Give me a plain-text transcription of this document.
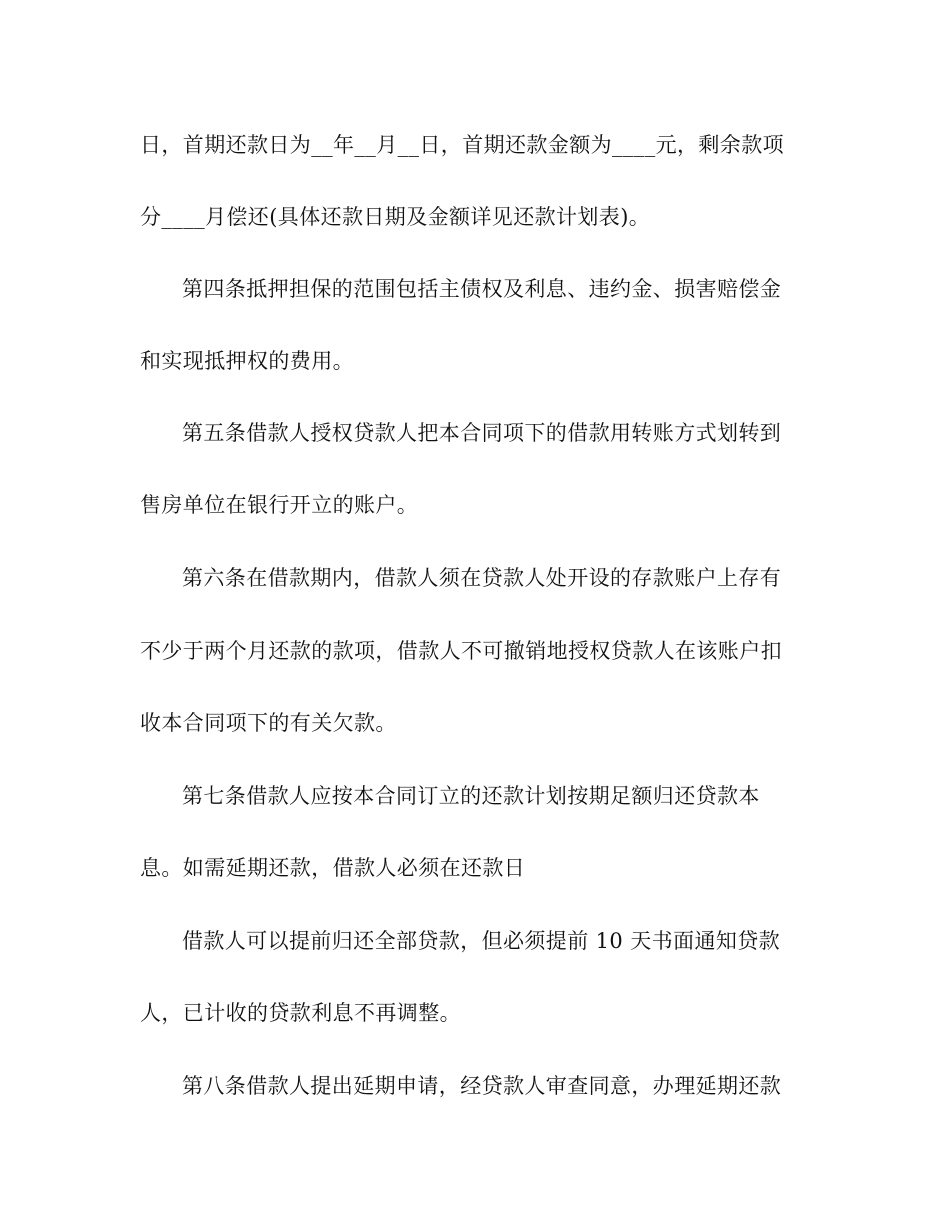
日，首期还款日为__年__月__日，首期还款金额为____元，剩余款项
分____月偿还(具体还款日期及金额详见还款计划表)。
第四条抵押担保的范围包括主债权及利息、违约金、损害赔偿金
和实现抵押权的费用。
第五条借款人授权贷款人把本合同项下的借款用转账方式划转到
售房单位在银行开立的账户。
第六条在借款期内，借款人须在贷款人处开设的存款账户上存有
不少于两个月还款的款项，借款人不可撤销地授权贷款人在该账户扣
收本合同项下的有关欠款。
第七条借款人应按本合同订立的还款计划按期足额归还贷款本
息。如需延期还款，借款人必须在还款日
借款人可以提前归还全部贷款，但必须提前 10 天书面通知贷款
人，已计收的贷款利息不再调整。
第八条借款人提出延期申请，经贷款人审查同意，办理延期还款
